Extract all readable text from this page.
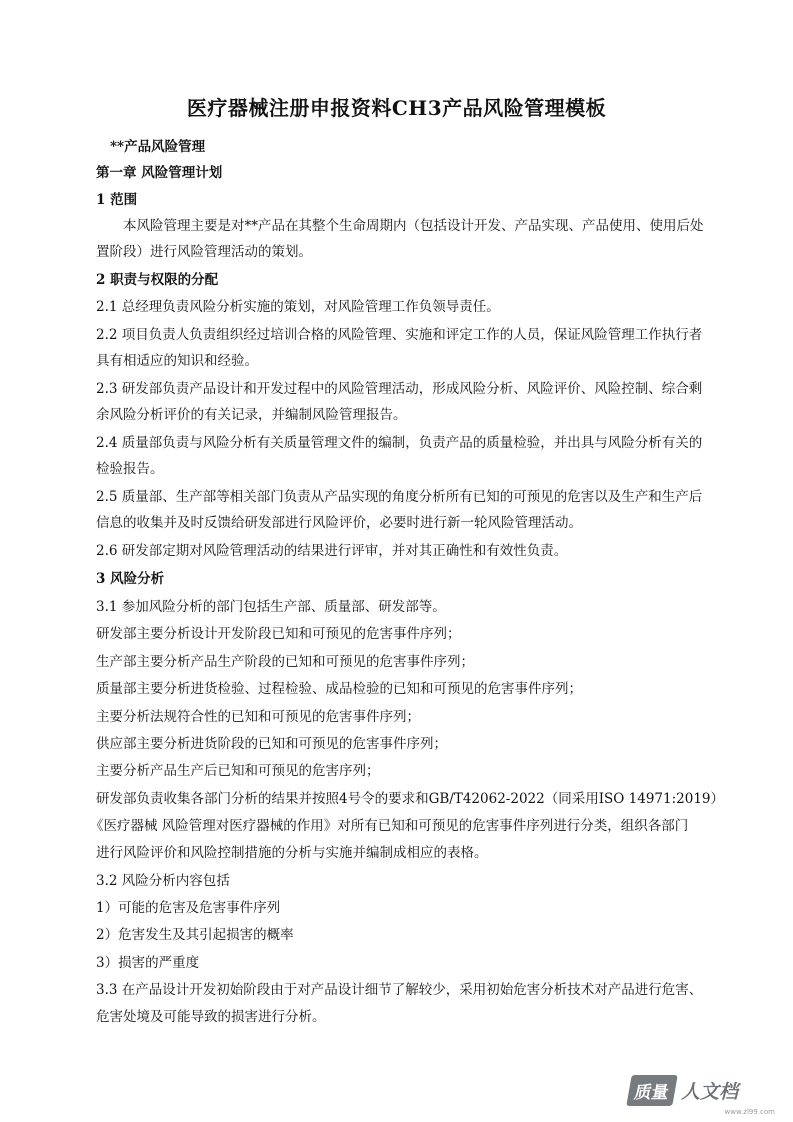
医疗器械注册申报资料CH3产品风险管理模板
**产品风险管理
第一章 风险管理计划
1 范围
本风险管理主要是对**产品在其整个生命周期内（包括设计开发、产品实现、产品使用、使用后处
置阶段）进行风险管理活动的策划。
2 职责与权限的分配
2.1 总经理负责风险分析实施的策划，对风险管理工作负领导责任。
2.2 项目负责人负责组织经过培训合格的风险管理、实施和评定工作的人员，保证风险管理工作执行者
具有相适应的知识和经验。
2.3 研发部负责产品设计和开发过程中的风险管理活动，形成风险分析、风险评价、风险控制、综合剩
余风险分析评价的有关记录，并编制风险管理报告。
2.4 质量部负责与风险分析有关质量管理文件的编制，负责产品的质量检验，并出具与风险分析有关的
检验报告。
2.5 质量部、生产部等相关部门负责从产品实现的角度分析所有已知的可预见的危害以及生产和生产后
信息的收集并及时反馈给研发部进行风险评价，必要时进行新一轮风险管理活动。
2.6 研发部定期对风险管理活动的结果进行评审，并对其正确性和有效性负责。
3 风险分析
3.1 参加风险分析的部门包括生产部、质量部、研发部等。
研发部主要分析设计开发阶段已知和可预见的危害事件序列；
生产部主要分析产品生产阶段的已知和可预见的危害事件序列；
质量部主要分析进货检验、过程检验、成品检验的已知和可预见的危害事件序列；
主要分析法规符合性的已知和可预见的危害事件序列；
供应部主要分析进货阶段的已知和可预见的危害事件序列；
主要分析产品生产后已知和可预见的危害序列；
研发部负责收集各部门分析的结果并按照4号令的要求和GB/T42062-2022（同采用ISO 14971:2019）
《医疗器械 风险管理对医疗器械的作用》对所有已知和可预见的危害事件序列进行分类，组织各部门
进行风险评价和风险控制措施的分析与实施并编制成相应的表格。
3.2 风险分析内容包括
1）可能的危害及危害事件序列
2）危害发生及其引起损害的概率
3）损害的严重度
3.3 在产品设计开发初始阶段由于对产品设计细节了解较少，采用初始危害分析技术对产品进行危害、
危害处境及可能导致的损害进行分析。
质量 人文档
www.zl99.com
